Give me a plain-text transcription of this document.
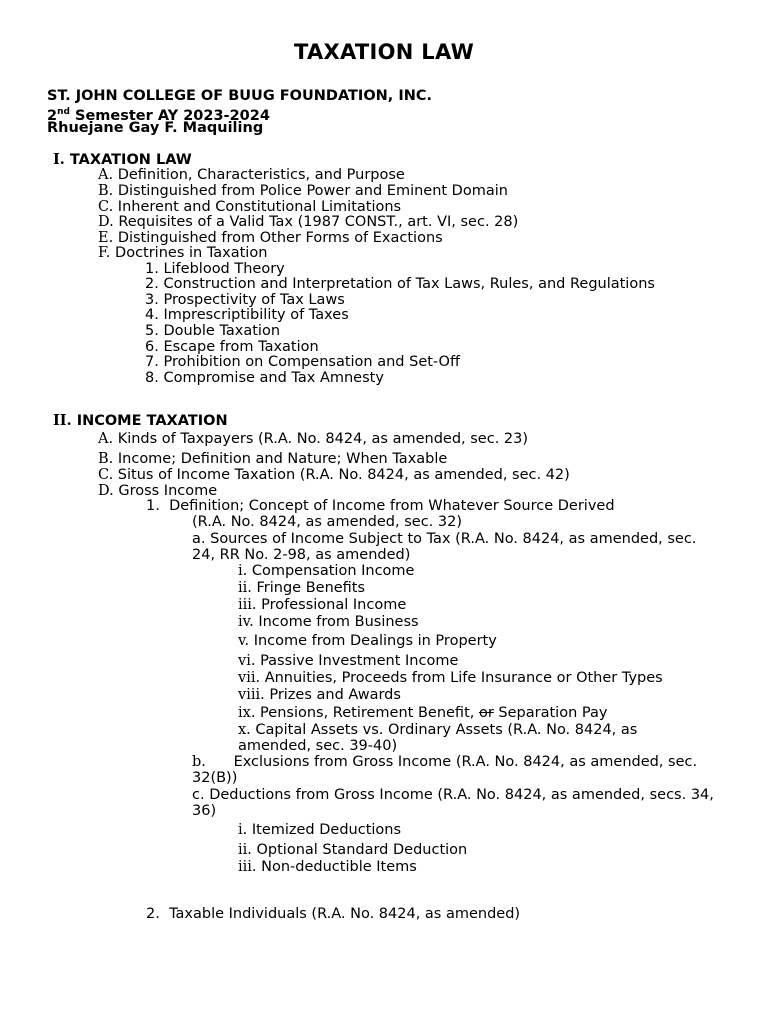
TAXATION LAW
ST. JOHN COLLEGE OF BUUG FOUNDATION, INC.
2nd Semester AY 2023-2024
Rhuejane Gay F. Maquiling
I. TAXATION LAW
A. Definition, Characteristics, and Purpose
B. Distinguished from Police Power and Eminent Domain
C. Inherent and Constitutional Limitations
D. Requisites of a Valid Tax (1987 CONST., art. VI, sec. 28)
E. Distinguished from Other Forms of Exactions
F. Doctrines in Taxation
1. Lifeblood Theory
2. Construction and Interpretation of Tax Laws, Rules, and Regulations
3. Prospectivity of Tax Laws
4. Imprescriptibility of Taxes
5. Double Taxation
6. Escape from Taxation
7. Prohibition on Compensation and Set-Off
8. Compromise and Tax Amnesty
II. INCOME TAXATION
A. Kinds of Taxpayers (R.A. No. 8424, as amended, sec. 23)
B. Income; Definition and Nature; When Taxable
C. Situs of Income Taxation (R.A. No. 8424, as amended, sec. 42)
D. Gross Income
1. Definition; Concept of Income from Whatever Source Derived
(R.A. No. 8424, as amended, sec. 32)
a. Sources of Income Subject to Tax (R.A. No. 8424, as amended, sec.
24, RR No. 2-98, as amended)
i. Compensation Income
ii. Fringe Benefits
iii. Professional Income
iv. Income from Business
v. Income from Dealings in Property
vi. Passive Investment Income
vii. Annuities, Proceeds from Life Insurance or Other Types
viii. Prizes and Awards
ix. Pensions, Retirement Benefit, or Separation Pay
x. Capital Assets vs. Ordinary Assets (R.A. No. 8424, as
amended, sec. 39-40)
b. Exclusions from Gross Income (R.A. No. 8424, as amended, sec.
32(B))
c. Deductions from Gross Income (R.A. No. 8424, as amended, secs. 34,
36)
i. Itemized Deductions
ii. Optional Standard Deduction
iii. Non-deductible Items
2. Taxable Individuals (R.A. No. 8424, as amended)
